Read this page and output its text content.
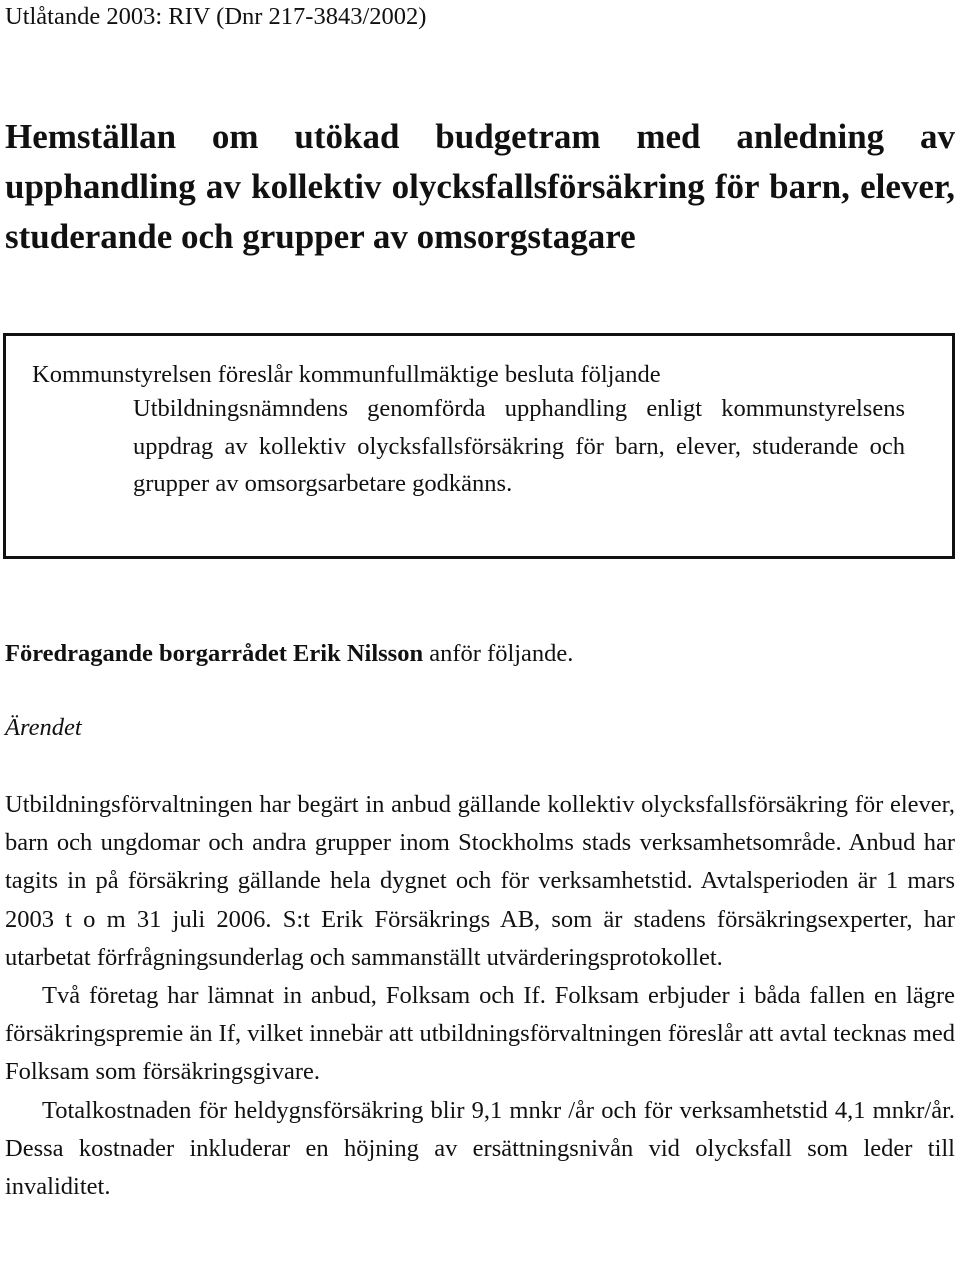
Utlåtande 2003: RIV (Dnr 217-3843/2002)
Hemställan om utökad budgetram med anledning av upphandling av kollektiv olycksfallsförsäkring för barn, elever, studerande och grupper av omsorgstagare
Kommunstyrelsen föreslår kommunfullmäktige besluta följande
Utbildningsnämndens genomförda upphandling enligt kommunstyrelsens uppdrag av kollektiv olycksfallsförsäkring för barn, elever, studerande och grupper av omsorgsarbetare godkänns.
Föredragande borgarrådet Erik Nilsson anför följande.
Ärendet

Utbildningsförvaltningen har begärt in anbud gällande kollektiv olycksfallsförsäkring för elever, barn och ungdomar och andra grupper inom Stockholms stads verksamhetsområde. Anbud har tagits in på försäkring gällande hela dygnet och för verksamhetstid. Avtalsperioden är 1 mars 2003 t o m 31 juli 2006. S:t Erik Försäkrings AB, som är stadens försäkringsexperter, har utarbetat förfrågningsunderlag och sammanställt utvärderingsprotokollet.

Två företag har lämnat in anbud, Folksam och If. Folksam erbjuder i båda fallen en lägre försäkringspremie än If, vilket innebär att utbildningsförvaltningen föreslår att avtal tecknas med Folksam som försäkringsgivare.

Totalkostnaden för heldygnsförsäkring blir 9,1 mnkr /år och för verksamhetstid 4,1 mnkr/år. Dessa kostnader inkluderar en höjning av ersättningsnivån vid olycksfall som leder till invaliditet.
